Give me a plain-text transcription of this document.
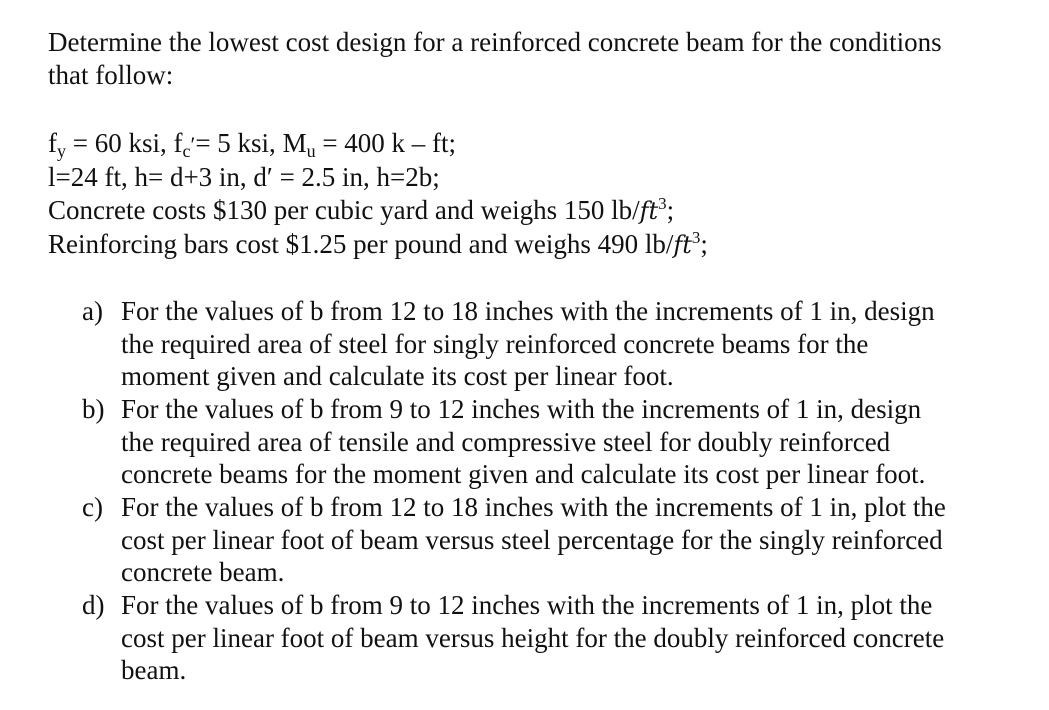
Determine the lowest cost design for a reinforced concrete beam for the conditions
that follow:
$f_y = 60$ ksi, $f_c'= 5$ ksi, $M_u = 400$ k – ft;
l=24 ft, h= d+3 in, d′ = 2.5 in, h=2b;
Concrete costs $130 per cubic yard and weighs 150 $lb/ft^3$;
Reinforcing bars cost $1.25 per pound and weighs 490 $lb/ft^3$;
a) For the values of b from 12 to 18 inches with the increments of 1 in, design
the required area of steel for singly reinforced concrete beams for the
moment given and calculate its cost per linear foot.
b) For the values of b from 9 to 12 inches with the increments of 1 in, design
the required area of tensile and compressive steel for doubly reinforced
concrete beams for the moment given and calculate its cost per linear foot.
c) For the values of b from 12 to 18 inches with the increments of 1 in, plot the
cost per linear foot of beam versus steel percentage for the singly reinforced
concrete beam.
d) For the values of b from 9 to 12 inches with the increments of 1 in, plot the
cost per linear foot of beam versus height for the doubly reinforced concrete
beam.
